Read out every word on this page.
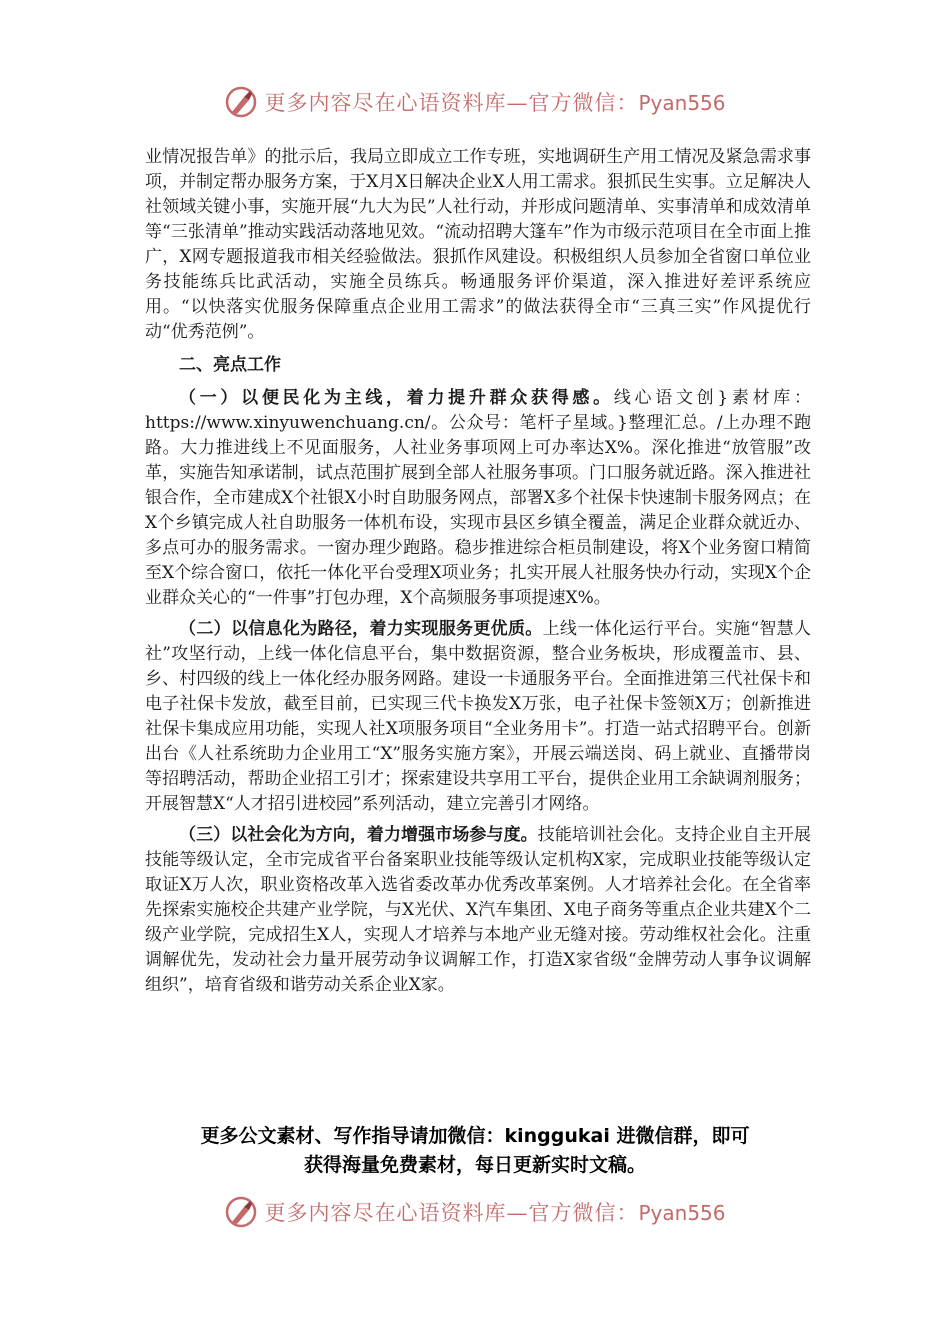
更多内容尽在心语资料库—官方微信：Pyan556

业情况报告单》的批示后，我局立即成立工作专班，实地调研生产用工情况及紧急需求事项，并制定帮办服务方案，于X月X日解决企业X人用工需求。狠抓民生实事。立足解决人社领域关键小事，实施开展“九大为民”人社行动，并形成问题清单、实事清单和成效清单等“三张清单”推动实践活动落地见效。“流动招聘大篷车”作为市级示范项目在全市面上推广，X网专题报道我市相关经验做法。狠抓作风建设。积极组织人员参加全省窗口单位业务技能练兵比武活动，实施全员练兵。畅通服务评价渠道，深入推进好差评系统应用。“以快落实优服务保障重点企业用工需求”的做法获得全市“三真三实”作风提优行动“优秀范例”。

二、亮点工作

（一）以便民化为主线，着力提升群众获得感。线心语文创}素材库：https://www.xinyuwenchuang.cn/。公众号：笔杆子星域。}整理汇总。/上办理不跑路。大力推进线上不见面服务，人社业务事项网上可办率达X%。深化推进“放管服”改革，实施告知承诺制，试点范围扩展到全部人社服务事项。门口服务就近路。深入推进社银合作，全市建成X个社银X小时自助服务网点，部署X多个社保卡快速制卡服务网点；在X个乡镇完成人社自助服务一体机布设，实现市县区乡镇全覆盖，满足企业群众就近办、多点可办的服务需求。一窗办理少跑路。稳步推进综合柜员制建设，将X个业务窗口精简至X个综合窗口，依托一体化平台受理X项业务；扎实开展人社服务快办行动，实现X个企业群众关心的“一件事”打包办理，X个高频服务事项提速X%。

（二）以信息化为路径，着力实现服务更优质。上线一体化运行平台。实施“智慧人社”攻坚行动，上线一体化信息平台，集中数据资源，整合业务板块，形成覆盖市、县、乡、村四级的线上一体化经办服务网路。建设一卡通服务平台。全面推进第三代社保卡和电子社保卡发放，截至目前，已实现三代卡换发X万张，电子社保卡签领X万；创新推进社保卡集成应用功能，实现人社X项服务项目“全业务用卡”。打造一站式招聘平台。创新出台《人社系统助力企业用工“X”服务实施方案》，开展云端送岗、码上就业、直播带岗等招聘活动，帮助企业招工引才；探索建设共享用工平台，提供企业用工余缺调剂服务；开展智慧X“人才招引进校园”系列活动，建立完善引才网络。

（三）以社会化为方向，着力增强市场参与度。技能培训社会化。支持企业自主开展技能等级认定，全市完成省平台备案职业技能等级认定机构X家，完成职业技能等级认定取证X万人次，职业资格改革入选省委改革办优秀改革案例。人才培养社会化。在全省率先探索实施校企共建产业学院，与X光伏、X汽车集团、X电子商务等重点企业共建X个二级产业学院，完成招生X人，实现人才培养与本地产业无缝对接。劳动维权社会化。注重调解优先，发动社会力量开展劳动争议调解工作，打造X家省级“金牌劳动人事争议调解组织”，培育省级和谐劳动关系企业X家。

更多公文素材、写作指导请加微信：kinggukai 进微信群，即可
获得海量免费素材，每日更新实时文稿。
更多内容尽在心语资料库—官方微信：Pyan556
